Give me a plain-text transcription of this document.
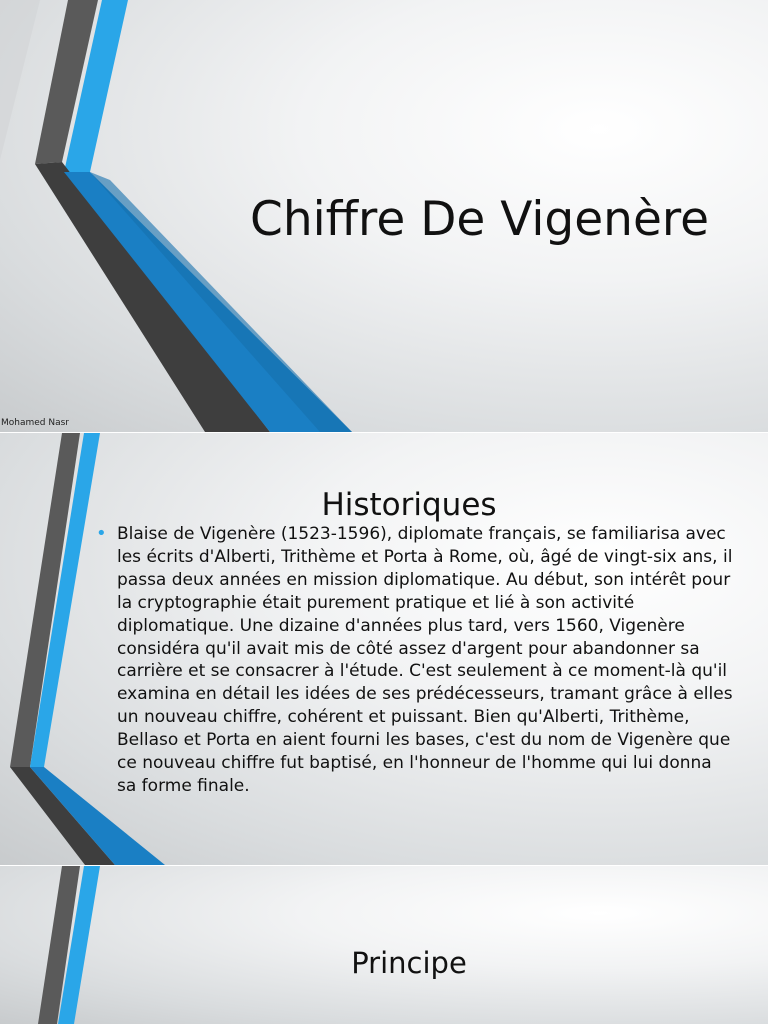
Chiffre De Vigenère
Mohamed Nasr
Historiques
• Blaise de Vigenère (1523-1596), diplomate français, se familiarisa avec les écrits d'Alberti, Trithème et Porta à Rome, où, âgé de vingt-six ans, il passa deux années en mission diplomatique. Au début, son intérêt pour la cryptographie était purement pratique et lié à son activité diplomatique. Une dizaine d'années plus tard, vers 1560, Vigenère considéra qu'il avait mis de côté assez d'argent pour abandonner sa carrière et se consacrer à l'étude. C'est seulement à ce moment-là qu'il examina en détail les idées de ses prédécesseurs, tramant grâce à elles un nouveau chiffre, cohérent et puissant. Bien qu'Alberti, Trithème, Bellaso et Porta en aient fourni les bases, c'est du nom de Vigenère que ce nouveau chiffre fut baptisé, en l'honneur de l'homme qui lui donna sa forme finale.

Principe
